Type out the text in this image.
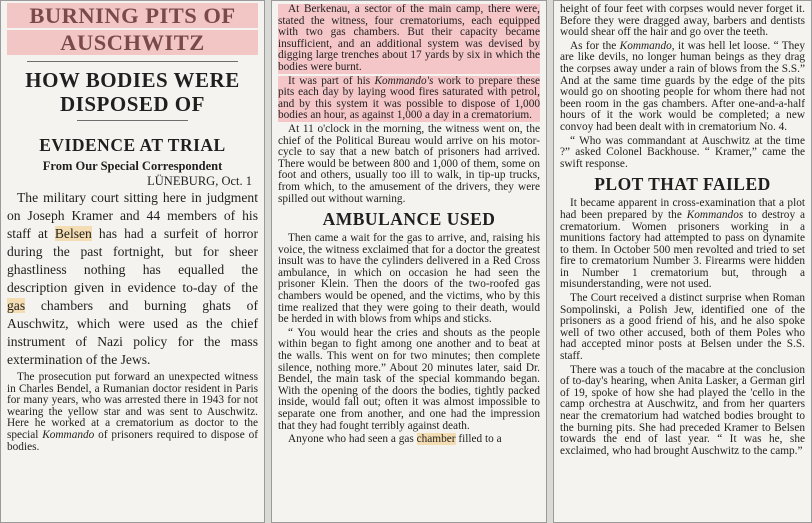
BURNING PITS OF
AUSCHWITZ
HOW BODIES WERE
DISPOSED OF
EVIDENCE AT TRIAL
From Our Special Correspondent
LÜNEBURG, Oct. 1

The military court sitting here in judgment on Joseph Kramer and 44 members of his staff at Belsen has had a surfeit of horror during the past fortnight, but for sheer ghastliness nothing has equalled the description given in evidence to-day of the gas chambers and burning ghats of Auschwitz, which were used as the chief instrument of Nazi policy for the mass extermination of the Jews.

The prosecution put forward an unexpected witness in Charles Bendel, a Rumanian doctor resident in Paris for many years, who was arrested there in 1943 for not wearing the yellow star and was sent to Auschwitz. Here he worked at a crematorium as doctor to the special Kommando of prisoners required to dispose of bodies.

At Berkenau, a sector of the main camp, there were, stated the witness, four crematoriums, each equipped with two gas chambers. But their capacity became insufficient, and an additional system was devised by digging large trenches about 17 yards by six in which the bodies were burnt.

It was part of his Kommando's work to prepare these pits each day by laying wood fires saturated with petrol, and by this system it was possible to dispose of 1,000 bodies an hour, as against 1,000 a day in a crematorium.

At 11 o'clock in the morning, the witness went on, the chief of the Political Bureau would arrive on his motor-cycle to say that a new batch of prisoners had arrived. There would be between 800 and 1,000 of them, some on foot and others, usually too ill to walk, in tip-up trucks, from which, to the amusement of the drivers, they were spilled out without warning.

AMBULANCE USED

Then came a wait for the gas to arrive, and, raising his voice, the witness exclaimed that for a doctor the greatest insult was to have the cylinders delivered in a Red Cross ambulance, in which on occasion he had seen the prisoner Klein. Then the doors of the two-roofed gas chambers would be opened, and the victims, who by this time realized that they were going to their death, would be herded in with blows from whips and sticks.

“ You would hear the cries and shouts as the people within began to fight among one another and to beat at the walls. This went on for two minutes; then complete silence, nothing more.” About 20 minutes later, said Dr. Bendel, the main task of the special kommando began. With the opening of the doors the bodies, tightly packed inside, would fall out; often it was almost impossible to separate one from another, and one had the impression that they had fought terribly against death.

Anyone who had seen a gas chamber filled to a

height of four feet with corpses would never forget it. Before they were dragged away, barbers and dentists would shear off the hair and go over the teeth.

As for the Kommando, it was hell let loose. “ They are like devils, no longer human beings as they drag the corpses away under a rain of blows from the S.S.” And at the same time guards by the edge of the pits would go on shooting people for whom there had not been room in the gas chambers. After one-and-a-half hours of it the work would be completed; a new convoy had been dealt with in crematorium No. 4.

“ Who was commandant at Auschwitz at the time ?” asked Colonel Backhouse. “ Kramer,” came the swift response.

PLOT THAT FAILED

It became apparent in cross-examination that a plot had been prepared by the Kommandos to destroy a crematorium. Women prisoners working in a munitions factory had attempted to pass on dynamite to them. In October 500 men revolted and tried to set fire to crematorium Number 3. Firearms were hidden in Number 1 crematorium but, through a misunderstanding, were not used.

The Court received a distinct surprise when Roman Sompolinski, a Polish Jew, identified one of the prisoners as a good friend of his, and he also spoke well of two other accused, both of them Poles who had accepted minor posts at Belsen under the S.S. staff.

There was a touch of the macabre at the conclusion of to-day's hearing, when Anita Lasker, a German girl of 19, spoke of how she had played the 'cello in the camp orchestra at Auschwitz, and from her quarters near the crematorium had watched bodies brought to the burning pits. She had preceded Kramer to Belsen towards the end of last year. “ It was he, she exclaimed, who had brought Auschwitz to the camp.”
